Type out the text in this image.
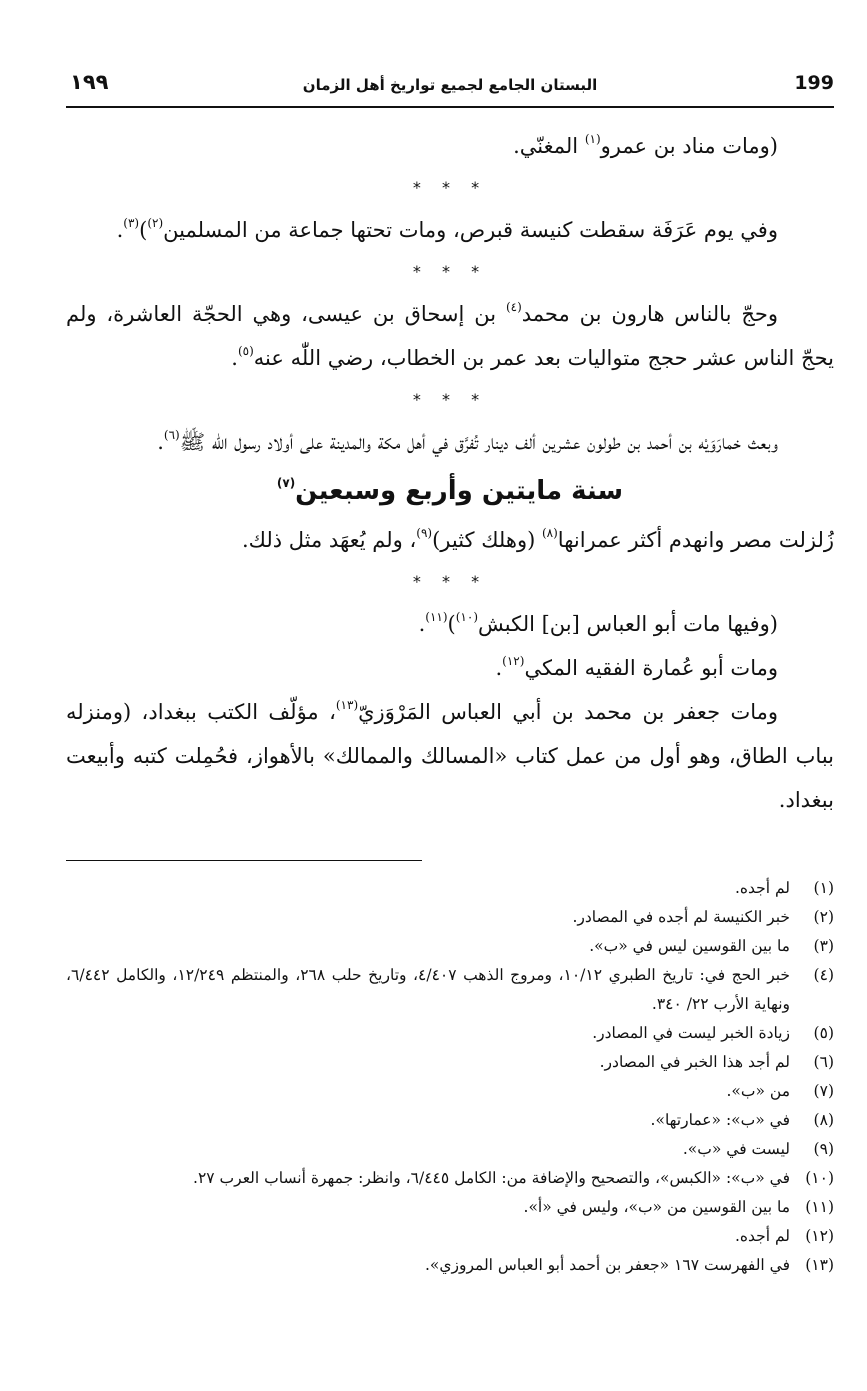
199
البستان الجامع لجميع تواريخ أهل الزمان
١٩٩

(ومات مناد بن عمرو$^{(١)}$ المغنّي.

* * *

وفي يوم عَرَفَة سقطت كنيسة قبرص، ومات تحتها جماعة من المسلمين$^{(٢)}$)$^{(٣)}$.

* * *

وحجّ بالناس هارون بن محمد$^{(٤)}$ بن إسحاق بن عيسى، وهي الحجّة العاشرة، ولم يحجّ الناس عشر حجج متواليات بعد عمر بن الخطاب، رضي اللّٰه عنه$^{(٥)}$.

* * *

وبعث خمارَوَيْه بن أحمد بن طولون عشرين ألف دينار تُفرَّق في أهل مكة والمدينة على أولاد رسول اللّٰه ﷺ$^{(٦)}$.

سنة مايتين وأربع وسبعين$^{(٧)}$

زُلزلت مصر وانهدم أكثر عمرانها$^{(٨)}$ (وهلك كثير)$^{(٩)}$، ولم يُعهَد مثل ذلك.

* * *

(وفيها مات أبو العباس [بن] الكبش$^{(١٠)}$)$^{(١١)}$.

ومات أبو عُمارة الفقيه المكي$^{(١٢)}$.

ومات جعفر بن محمد بن أبي العباس المَرْوَزيّ$^{(١٣)}$، مؤلّف الكتب ببغداد، (ومنزله بباب الطاق، وهو أول من عمل كتاب «المسالك والممالك» بالأهواز، فحُمِلت كتبه وأبيعت ببغداد.

(١)لم أجده.

(٢)خبر الكنيسة لم أجده في المصادر.

(٣)ما بين القوسين ليس في «ب».

(٤)خبر الحج في: تاريخ الطبري ١٠/١٢، ومروج الذهب ٤/٤٠٧، وتاريخ حلب ٢٦٨، والمنتظم ١٢/٢٤٩، والكامل ٦/٤٤٢، ونهاية الأرب ٢٢/ ٣٤٠.

(٥)زيادة الخبر ليست في المصادر.

(٦)لم أجد هذا الخبر في المصادر.

(٧)من «ب».

(٨)في «ب»: «عمارتها».

(٩)ليست في «ب».

(١٠)في «ب»: «الكبس»، والتصحيح والإضافة من: الكامل ٦/٤٤٥، وانظر: جمهرة أنساب العرب ٢٧.

(١١)ما بين القوسين من «ب»، وليس في «أ».

(١٢)لم أجده.

(١٣)في الفهرست ١٦٧ «جعفر بن أحمد أبو العباس المروزي».
